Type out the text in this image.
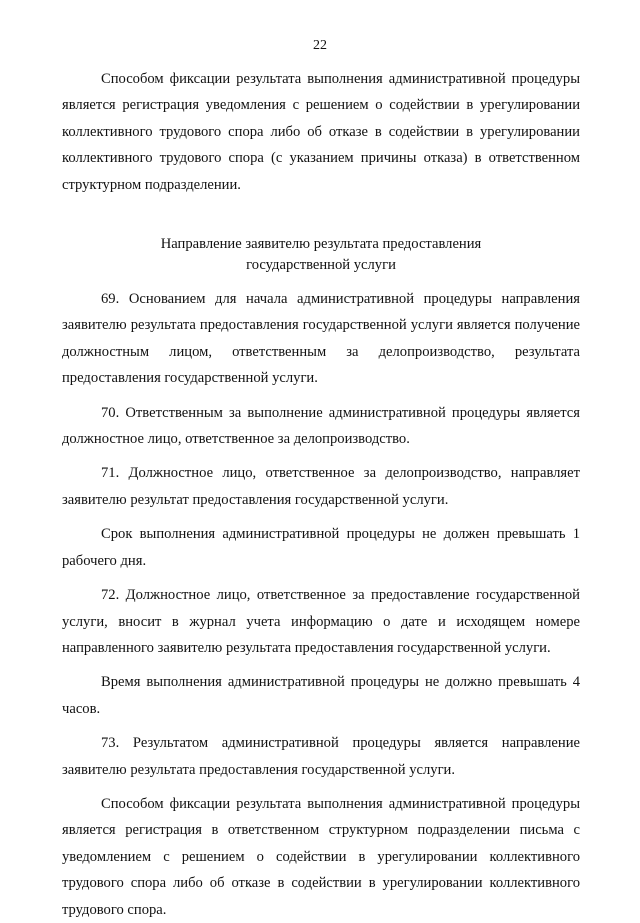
22

Способом фиксации результата выполнения административной процедуры является регистрация уведомления с решением о содействии в урегулировании коллективного трудового спора либо об отказе в содействии в урегулировании коллективного трудового спора (с указанием причины отказа) в ответственном структурном подразделении.

Направление заявителю результата предоставления
государственной услуги

69. Основанием для начала административной процедуры направления заявителю результата предоставления государственной услуги является получение должностным лицом, ответственным за делопроизводство, результата предоставления государственной услуги.

70. Ответственным за выполнение административной процедуры является должностное лицо, ответственное за делопроизводство.

71. Должностное лицо, ответственное за делопроизводство, направляет заявителю результат предоставления государственной услуги.

Срок выполнения административной процедуры не должен превышать 1 рабочего дня.

72. Должностное лицо, ответственное за предоставление государственной услуги, вносит в журнал учета информацию о дате и исходящем номере направленного заявителю результата предоставления государственной услуги.

Время выполнения административной процедуры не должно превышать 4 часов.

73. Результатом административной процедуры является направление заявителю результата предоставления государственной услуги.

Способом фиксации результата выполнения административной процедуры является регистрация в ответственном структурном подразделении письма с уведомлением с решением о содействии в урегулировании коллективного трудового спора либо об отказе в содействии в урегулировании коллективного трудового спора.
